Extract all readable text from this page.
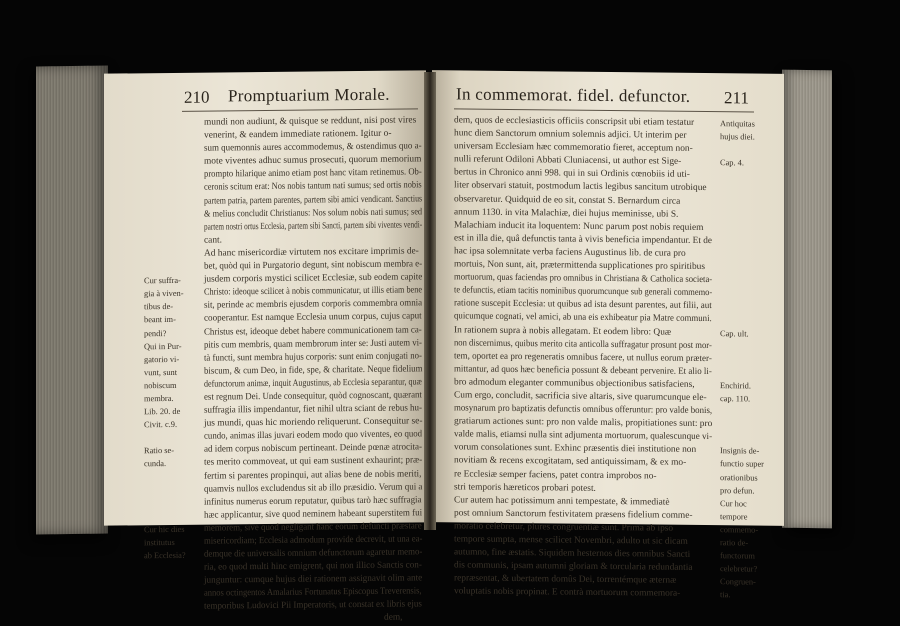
210 Promptuarium Morale.
Cur suffra-
gia à viven-
tibus de-
beant im-
pendi?
Qui in Pur-
gatorio vi-
vunt, sunt
nobiscum
membra.
Lib. 20. de
Civit. c.9.
Ratio se-
cunda.
Cur hic dies
institutus
ab Ecclesia?
mundi non audiunt, & quisque se reddunt, nisi post vires
venerint, & eandem immediate rationem. Igitur o-
sum quemonnis aures accommodemus, & ostendimus quo a-
mote viventes adhuc sumus prosecuti, quorum memorium
prompto hilarique animo etiam post hanc vitam retinemus. Ob-
ceronis scitum erat: Nos nobis tantum nati sumus; sed ortis nobis
partem patria, partem parentes, partem sibi amici vendicant. Sanctius
& melius concludit Christianus: Nos solum nobis nati sumus; sed
partem nostri ortus Ecclesia, partem sibi Sancti, partem sibi viventes vendi-
cant.
Ad hanc misericordiæ virtutem nos excitare imprimis de-
bet, quòd qui in Purgatorio degunt, sint nobiscum membra e-
jusdem corporis mystici scilicet Ecclesiæ, sub eodem capite
Christo: ideoque scilicet à nobis communicatur, ut illis etiam bene
sit, perinde ac membris ejusdem corporis commembra omnia
cooperantur. Est namque Ecclesia unum corpus, cujus caput
Christus est, ideoque debet habere communicationem tam ca-
pitis cum membris, quam membrorum inter se: Justi autem vi-
tà functi, sunt membra hujus corporis: sunt enim conjugati no-
biscum, & cum Deo, in fide, spe, & charitate. Neque fidelium
defunctorum animæ, inquit Augustinus, ab Ecclesia separantur, quæ
est regnum Dei. Unde consequitur, quòd cognoscant, quærant
suffragia illis impendantur, fiet nihil ultra sciant de rebus hu-
jus mundi, quas hic moriendo reliquerunt. Consequitur se-
cundo, animas illas juvari eodem modo quo viventes, eo quod
ad idem corpus nobiscum pertineant. Deinde pœnæ atrocita-
tes merito commoveat, ut qui eam sustinent exhaurint; præ-
fertim si parentes propinqui, aut alias bene de nobis meriti,
quamvis nullos excludendus sit ab illo præsidio. Verum qui a
infinitus numerus eorum reputatur, quibus tarò hæc suffragia
hæc applicantur, sive quod neminem habeant superstitem fui
memorem, sive quod negligant hanc eorum defuncti præstare
misericordiam; Ecclesia admodum provide decrevit, ut una ea-
demque die universalis omnium defunctorum agaretur memo-
ria, eo quod multi hinc emigrent, qui non illico Sanctis con-
junguntur: cumque hujus diei rationem assignavit olim ante
annos octingentos Amalarius Fortunatus Episcopus Treverensis,
temporibus Ludovici Pii Imperatoris, ut constat ex libris ejus
dem,
In commemorat. fidel. defunctor. 211
dem, quos de ecclesiasticis officiis conscripsit ubi etiam testatur
hunc diem Sanctorum omnium solemnis adjici. Ut interim per
universam Ecclesiam hæc commemoratio fieret, acceptum non-
nulli referunt Odiloni Abbati Cluniacensi, ut author est Sige-
bertus in Chronico anni 998. qui in sui Ordinis cœnobiis id uti-
liter observari statuit, postmodum lactis legibus sancitum utrobique
observaretur. Quidquid de eo sit, constat S. Bernardum circa
annum 1130. in vita Malachiæ, diei hujus meminisse, ubi S.
Malachiam inducit ita loquentem: Nunc parum post nobis requiem
est in illa die, quâ defunctis tanta à vivis beneficia impendantur. Et de
hac ipsa solemnitate verba faciens Augustinus lib. de cura pro
mortuis, Non sunt, ait, prætermittenda supplicationes pro spiritibus
mortuorum, quas faciendas pro omnibus in Christiana & Catholica societa-
te defunctis, etiam tacitis nominibus quorumcunque sub generali commemo-
ratione suscepit Ecclesia: ut quibus ad ista desunt parentes, aut filii, aut
quicumque cognati, vel amici, ab una eis exhibeatur pia Matre communi.
In rationem supra à nobis allegatam. Et eodem libro: Quæ
non discernimus, quibus merito cita anticolla suffragatur prosunt post mor-
tem, oportet ea pro regeneratis omnibus facere, ut nullus eorum præter-
mittantur, ad quos hæc beneficia possunt & debeant pervenire. Et alio li-
bro admodum eleganter communibus objectionibus satisfaciens,
Cum ergo, concludit, sacrificia sive altaris, sive quarumcunque ele-
mosynarum pro baptizatis defunctis omnibus offeruntur: pro valde bonis,
gratiarum actiones sunt: pro non valde malis, propitiationes sunt: pro
valde malis, etiamsi nulla sint adjumenta mortuorum, qualescunque vi-
vorum consolationes sunt. Exhinc præsentis diei institutione non
novitiam & recens excogitatam, sed antiquissimam, & ex mo-
re Ecclesiæ semper faciens, patet contra improbos no-
stri temporis hæreticos probari potest.
Cur autem hac potissimum anni tempestate, & immediatè
post omnium Sanctorum festivitatem præsens fidelium comme-
moratio celebretur, plures congruentiæ sunt. Prima ab ipso
tempore sumpta, mense scilicet Novembri, adulto ut sic dicam
autumno, fine æstatis. Siquidem hesternos dies omnibus Sancti
dis communis, ipsam autumni gloriam & torcularia redundantia
repræsentat, & ubertatem domûs Dei, torrentémque æternæ
voluptatis nobis propinat. E contrà mortuorum commemora-
Antiquitas
hujus diei.
Cap. 4.
Cap. ult.
Enchirid.
cap. 110.
Insignis de-
functio super
orationibus
pro defun.
Cur hoc
tempore
commemo-
ratio de-
functorum
celebretur?
Congruen-
tia.
